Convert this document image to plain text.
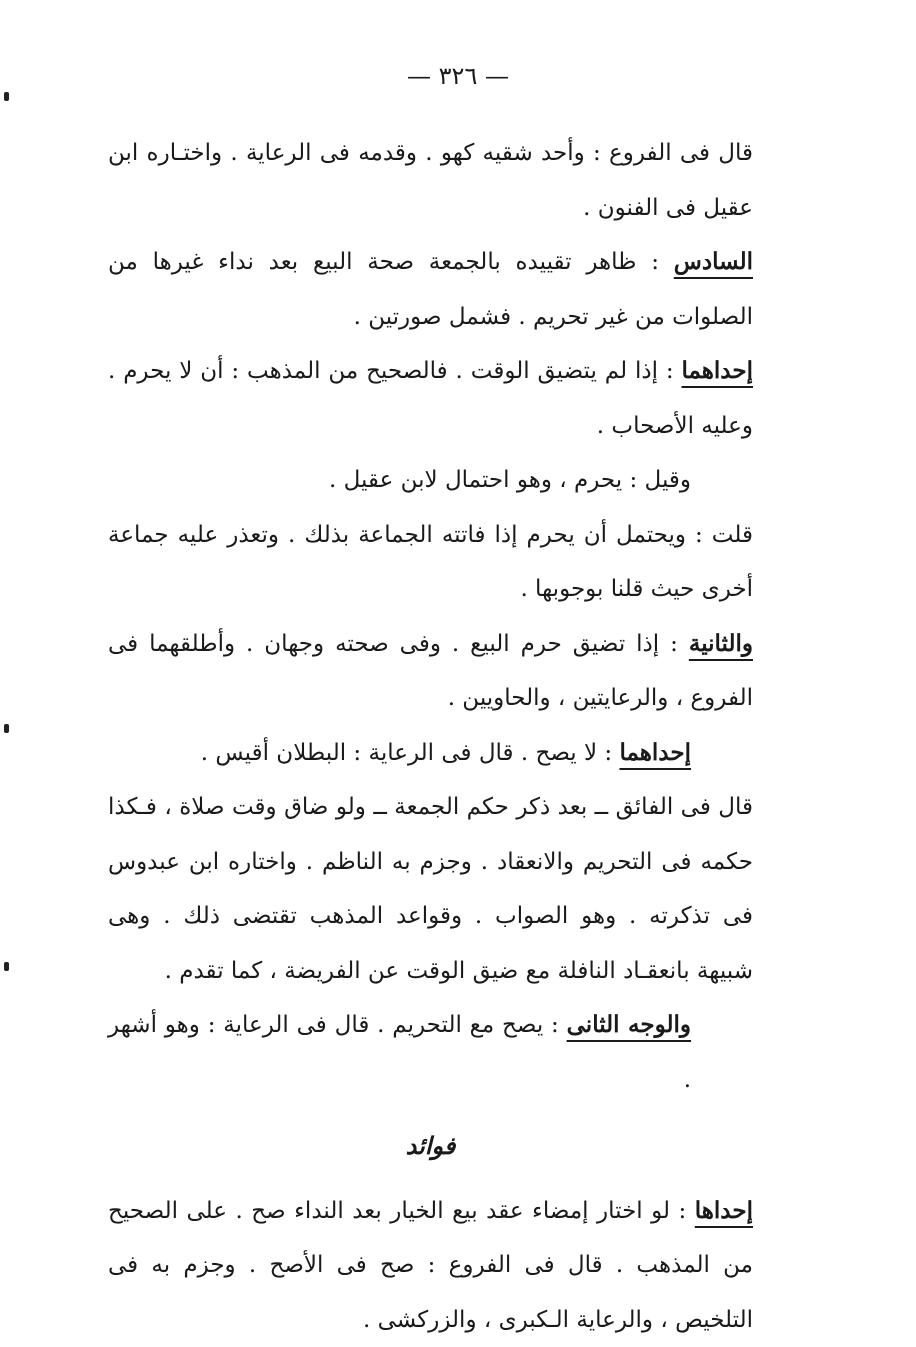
— ٣٢٦ —

قال فى الفروع : وأحد شقيه كهو . وقدمه فى الرعاية . واختـاره ابن عقيل فى الفنون .

السادس : ظاهر تقييده بالجمعة صحة البيع بعد نداء غيرها من الصلوات من غير تحريم . فشمل صورتين .

إحداهما : إذا لم يتضيق الوقت . فالصحيح من المذهب : أن لا يحرم . وعليه الأصحاب .

وقيل : يحرم ، وهو احتمال لابن عقيل .

قلت : ويحتمل أن يحرم إذا فاتته الجماعة بذلك . وتعذر عليه جماعة أخرى حيث قلنا بوجوبها .

والثانية : إذا تضيق حرم البيع . وفى صحته وجهان . وأطلقهما فى الفروع ، والرعايتين ، والحاويين .

إحداهما : لا يصح . قال فى الرعاية : البطلان أقيس .

قال فى الفائق ــ بعد ذكر حكم الجمعة ــ ولو ضاق وقت صلاة ، فـكذا حكمه فى التحريم والانعقاد . وجزم به الناظم . واختاره ابن عبدوس فى تذكرته . وهو الصواب . وقواعد المذهب تقتضى ذلك . وهى شبيهة بانعقـاد النافلة مع ضيق الوقت عن الفريضة ، كما تقدم .

والوجه الثانى : يصح مع التحريم . قال فى الرعاية : وهو أشهر .

فوائد

إحداها : لو اختار إمضاء عقد بيع الخيار بعد النداء صح . على الصحيح من المذهب . قال فى الفروع : صح فى الأصح . وجزم به فى التلخيص ، والرعاية الـكبرى ، والزركشى .
